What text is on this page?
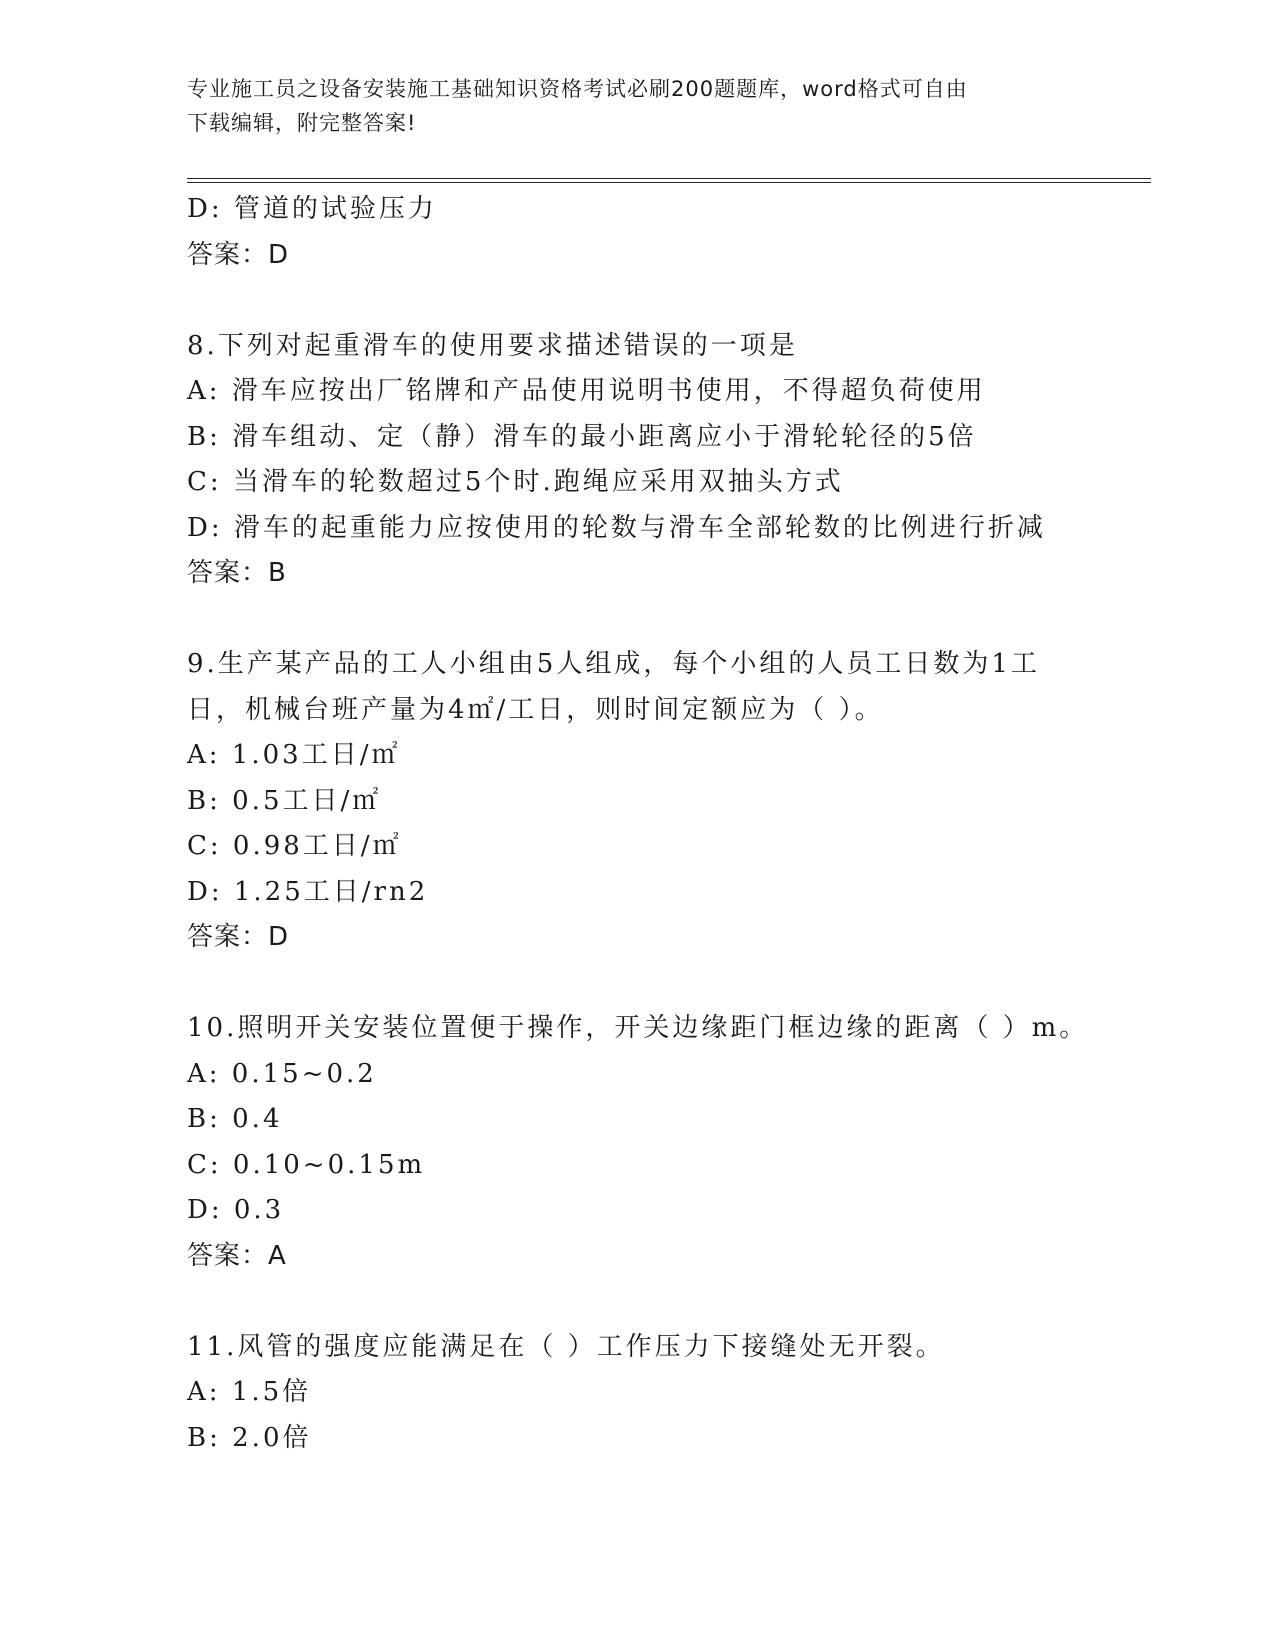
专业施工员之设备安装施工基础知识资格考试必刷200题题库，word格式可自由
下载编辑，附完整答案!
D: 管道的试验压力
答案：D
8.下列对起重滑车的使用要求描述错误的一项是
A: 滑车应按出厂铭牌和产品使用说明书使用，不得超负荷使用
B: 滑车组动、定（静）滑车的最小距离应小于滑轮轮径的5倍
C: 当滑车的轮数超过5个时.跑绳应采用双抽头方式
D: 滑车的起重能力应按使用的轮数与滑车全部轮数的比例进行折减
答案：B
9.生产某产品的工人小组由5人组成，每个小组的人员工日数为1工
日，机械台班产量为4㎡/工日，则时间定额应为（ ）。
A: 1.03工日/㎡
B: 0.5工日/㎡
C: 0.98工日/㎡
D: 1.25工日/rn2
答案：D
10.照明开关安装位置便于操作，开关边缘距门框边缘的距离（ ）m。
A: 0.15~0.2
B: 0.4
C: 0.10~0.15m
D: 0.3
答案：A
11.风管的强度应能满足在（ ）工作压力下接缝处无开裂。
A: 1.5倍
B: 2.0倍
